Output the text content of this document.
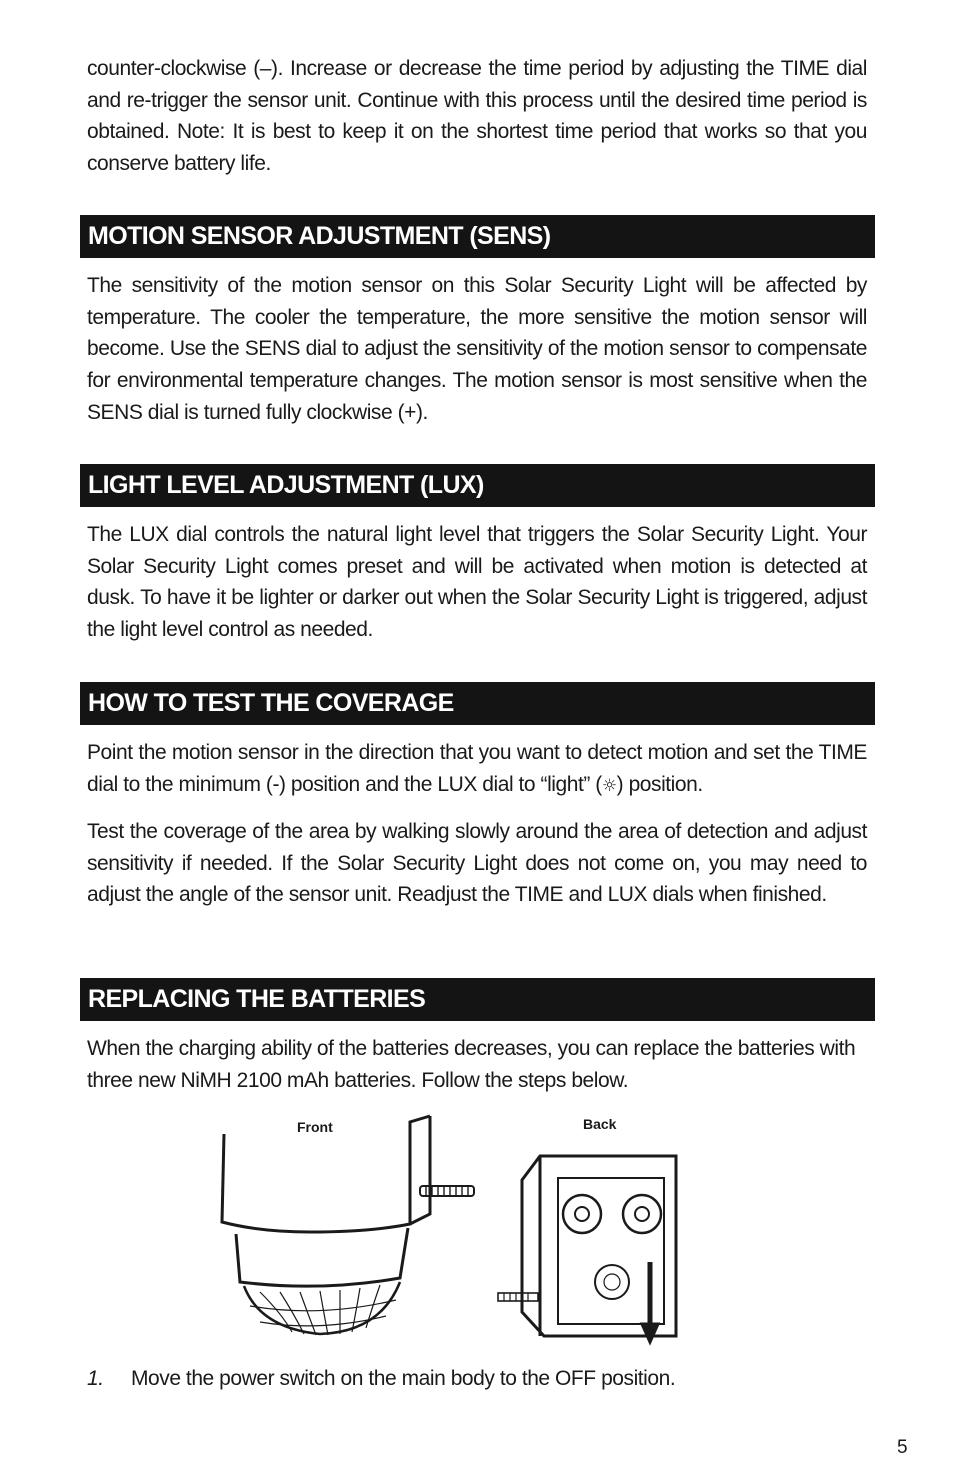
counter-clockwise (–). Increase or decrease the time period by adjusting the TIME dial and re-trigger the sensor unit. Continue with this process until the desired time period is obtained. Note: It is best to keep it on the shortest time period that works so that you conserve battery life.

MOTION SENSOR ADJUSTMENT (SENS)

The sensitivity of the motion sensor on this Solar Security Light will be affected by temperature. The cooler the temperature, the more sensitive the motion sensor will become. Use the SENS dial to adjust the sensitivity of the motion sensor to compensate for environmental temperature changes. The motion sensor is most sensitive when the SENS dial is turned fully clockwise (+).

LIGHT LEVEL ADJUSTMENT (LUX)

The LUX dial controls the natural light level that triggers the Solar Security Light. Your Solar Security Light comes preset and will be activated when motion is detected at dusk. To have it be lighter or darker out when the Solar Security Light is triggered, adjust the light level control as needed.

HOW TO TEST THE COVERAGE

Point the motion sensor in the direction that you want to detect motion and set the TIME dial to the minimum (-) position and the LUX dial to “light” (☼) position.

Test the coverage of the area by walking slowly around the area of detection and adjust sensitivity if needed. If the Solar Security Light does not come on, you may need to adjust the angle of the sensor unit. Readjust the TIME and LUX dials when finished.

REPLACING THE BATTERIES

When the charging ability of the batteries decreases, you can replace the batteries with three new NiMH 2100 mAh batteries. Follow the steps below.

Front	Back
1. Move the power switch on the main body to the OFF position.
5
